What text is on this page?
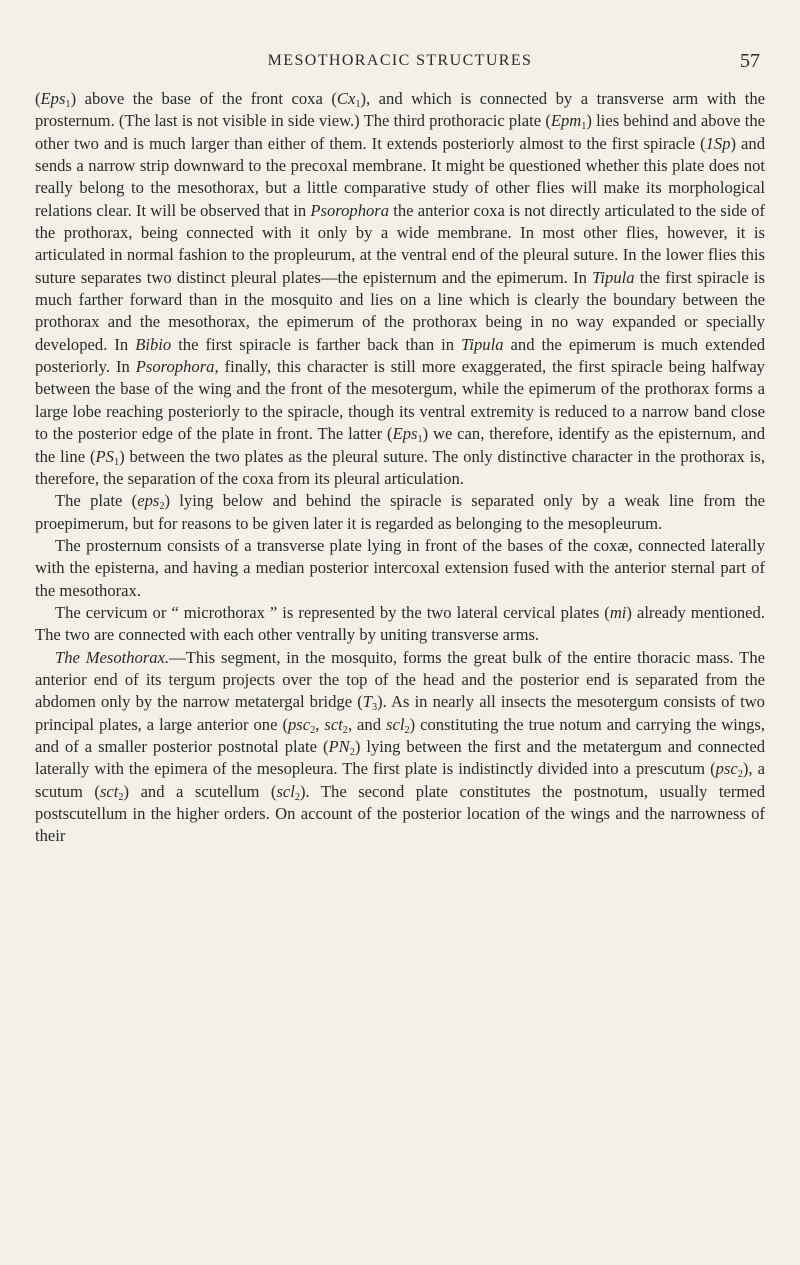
MESOTHORACIC STRUCTURES	57

(Eps$_1$) above the base of the front coxa $(Cx_1)$, and which is connected by a transverse arm with the prosternum. (The last is not visible in side view.) The third prothoracic plate (Epm$_1$) lies behind and above the other two and is much larger than either of them. It extends posteriorly almost to the first spiracle (1Sp) and sends a narrow strip downward to the precoxal membrane. It might be questioned whether this plate does not really belong to the mesothorax, but a little comparative study of other flies will make its morphological relations clear. It will be observed that in Psorophora the anterior coxa is not directly articulated to the side of the prothorax, being connected with it only by a wide membrane. In most other flies, however, it is articulated in normal fashion to the propleurum, at the ventral end of the pleural suture. In the lower flies this suture separates two distinct pleural plates—the episternum and the epimerum. In Tipula the first spiracle is much farther forward than in the mosquito and lies on a line which is clearly the boundary between the prothorax and the mesothorax, the epimerum of the prothorax being in no way expanded or specially developed. In Bibio the first spiracle is farther back than in Tipula and the epimerum is much extended posteriorly. In Psorophora, finally, this character is still more exaggerated, the first spiracle being halfway between the base of the wing and the front of the mesotergum, while the epimerum of the prothorax forms a large lobe reaching posteriorly to the spiracle, though its ventral extremity is reduced to a narrow band close to the posterior edge of the plate in front. The latter (Eps$_1$) we can, therefore, identify as the episternum, and the line $(PS_1)$ between the two plates as the pleural suture. The only distinctive character in the prothorax is, therefore, the separation of the coxa from its pleural articulation.

The plate (eps$_2$) lying below and behind the spiracle is separated only by a weak line from the proepimerum, but for reasons to be given later it is regarded as belonging to the mesopleurum.

The prosternum consists of a transverse plate lying in front of the bases of the coxæ, connected laterally with the episterna, and having a median posterior intercoxal extension fused with the anterior sternal part of the mesothorax.

The cervicum or “ microthorax ” is represented by the two lateral cervical plates (mi) already mentioned. The two are connected with each other ventrally by uniting transverse arms.

The Mesothorax.—This segment, in the mosquito, forms the great bulk of the entire thoracic mass. The anterior end of its tergum projects over the top of the head and the posterior end is separated from the abdomen only by the narrow metatergal bridge $(T_3)$. As in nearly all insects the mesotergum consists of two principal plates, a large anterior one (psc$_2$, sct$_2$, and scl$_2$) constituting the true notum and carrying the wings, and of a smaller posterior postnotal plate $(PN_2)$ lying between the first and the metatergum and connected laterally with the epimera of the mesopleura. The first plate is indistinctly divided into a prescutum (psc$_2$), a scutum (sct$_2$) and a scutellum (scl$_2$). The second plate constitutes the postnotum, usually termed postscutellum in the higher orders. On account of the posterior location of the wings and the narrowness of their
